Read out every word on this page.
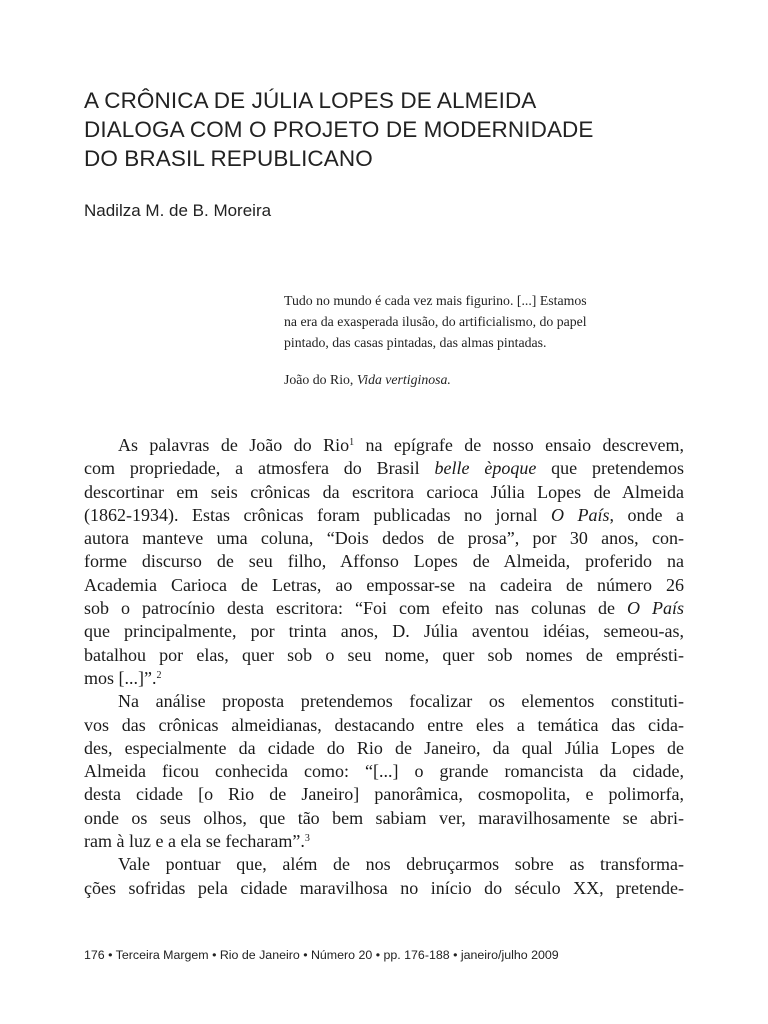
A CRÔNICA DE JÚLIA LOPES DE ALMEIDA
DIALOGA COM O PROJETO DE MODERNIDADE
DO BRASIL REPUBLICANO
Nadilza M. de B. Moreira
Tudo no mundo é cada vez mais figurino. [...] Estamos
na era da exasperada ilusão, do artificialismo, do papel
pintado, das casas pintadas, das almas pintadas.
João do Rio, Vida vertiginosa.
As palavras de João do Rio$^1$ na epígrafe de nosso ensaio descrevem,
com propriedade, a atmosfera do Brasil belle èpoque que pretendemos
descortinar em seis crônicas da escritora carioca Júlia Lopes de Almeida
(1862-1934). Estas crônicas foram publicadas no jornal O País, onde a
autora manteve uma coluna, “Dois dedos de prosa”, por 30 anos, con-
forme discurso de seu filho, Affonso Lopes de Almeida, proferido na
Academia Carioca de Letras, ao empossar-se na cadeira de número 26
sob o patrocínio desta escritora: “Foi com efeito nas colunas de O País
que principalmente, por trinta anos, D. Júlia aventou idéias, semeou-as,
batalhou por elas, quer sob o seu nome, quer sob nomes de emprésti-
mos [...]”.$^2$
Na análise proposta pretendemos focalizar os elementos constituti-
vos das crônicas almeidianas, destacando entre eles a temática das cida-
des, especialmente da cidade do Rio de Janeiro, da qual Júlia Lopes de
Almeida ficou conhecida como: “[...] o grande romancista da cidade,
desta cidade [o Rio de Janeiro] panorâmica, cosmopolita, e polimorfa,
onde os seus olhos, que tão bem sabiam ver, maravilhosamente se abri-
ram à luz e a ela se fecharam”.$^3$
Vale pontuar que, além de nos debruçarmos sobre as transforma-
ções sofridas pela cidade maravilhosa no início do século XX, pretende-
176 • Terceira Margem • Rio de Janeiro • Número 20 • pp. 176-188 • janeiro/julho 2009
